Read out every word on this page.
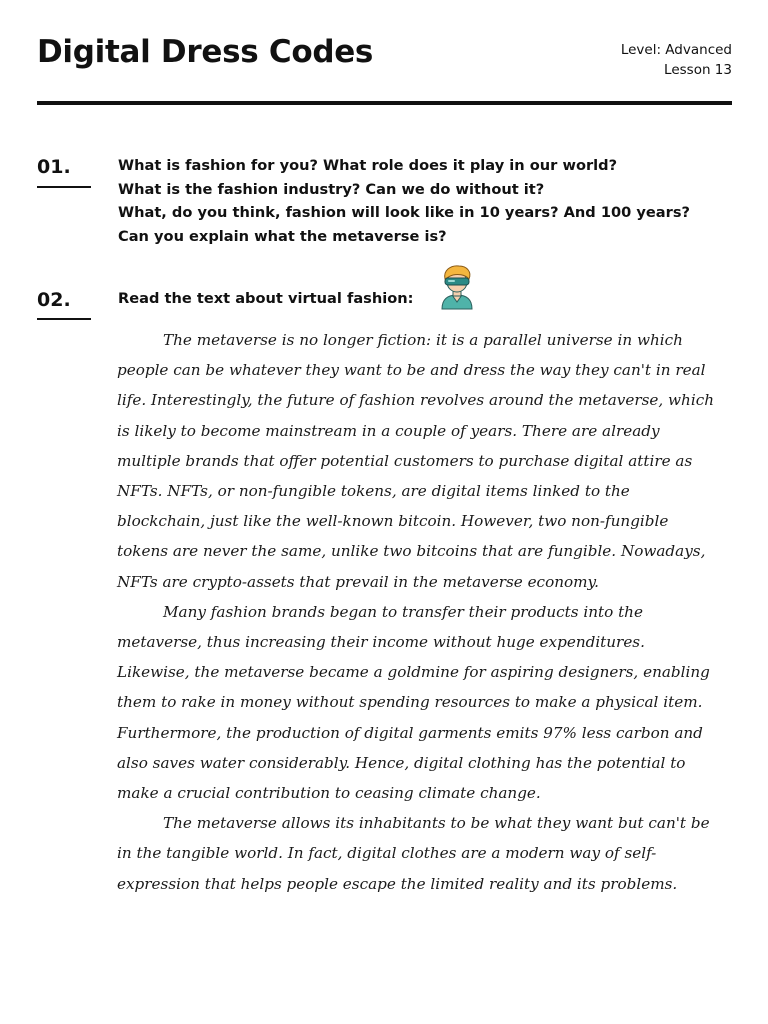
Digital Dress Codes	Level: Advanced
Lesson 13
01.	What is fashion for you? What role does it play in our world?
What is the fashion industry? Can we do without it?
What, do you think, fashion will look like in 10 years? And 100 years?
Can you explain what the metaverse is?
02.	Read the text about virtual fashion:

The metaverse is no longer fiction: it is a parallel universe in which people can be whatever they want to be and dress the way they can't in real life. Interestingly, the future of fashion revolves around the metaverse, which is likely to become mainstream in a couple of years. There are already multiple brands that offer potential customers to purchase digital attire as NFTs. NFTs, or non-fungible tokens, are digital items linked to the blockchain, just like the well-known bitcoin. However, two non-fungible tokens are never the same, unlike two bitcoins that are fungible. Nowadays, NFTs are crypto-assets that prevail in the metaverse economy.

Many fashion brands began to transfer their products into the metaverse, thus increasing their income without huge expenditures. Likewise, the metaverse became a goldmine for aspiring designers, enabling them to rake in money without spending resources to make a physical item. Furthermore, the production of digital garments emits 97% less carbon and also saves water considerably. Hence, digital clothing has the potential to make a crucial contribution to ceasing climate change.

The metaverse allows its inhabitants to be what they want but can't be in the tangible world. In fact, digital clothes are a modern way of self-expression that helps people escape the limited reality and its problems.
